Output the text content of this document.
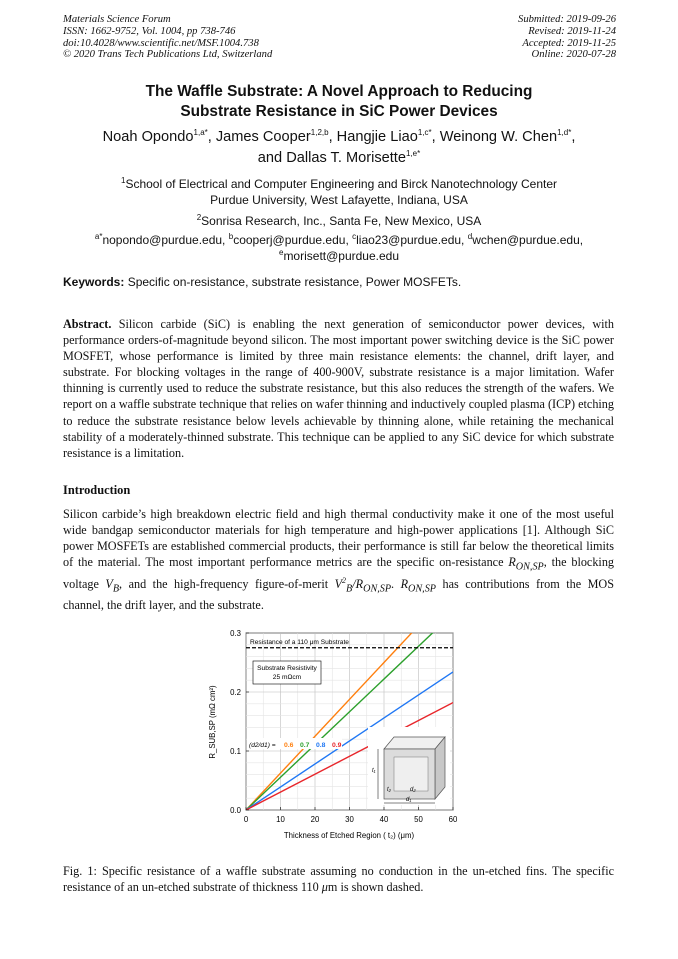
Materials Science Forum
ISSN: 1662-9752, Vol. 1004, pp 738-746
doi:10.4028/www.scientific.net/MSF.1004.738
© 2020 Trans Tech Publications Ltd, Switzerland
Submitted: 2019-09-26
Revised: 2019-11-24
Accepted: 2019-11-25
Online: 2020-07-28
The Waffle Substrate: A Novel Approach to Reducing
Substrate Resistance in SiC Power Devices
Noah Opondo$^{1,a*}$, James Cooper$^{1,2,b}$, Hangjie Liao$^{1,c*}$, Weinong W. Chen$^{1,d*}$,
and Dallas T. Morisette$^{1,e*}$
$^1$School of Electrical and Computer Engineering and Birck Nanotechnology Center
Purdue University, West Lafayette, Indiana, USA
$^2$Sonrisa Research, Inc., Santa Fe, New Mexico, USA
$^{a*}$nopondo@purdue.edu, $^b$cooperj@purdue.edu, $^c$liao23@purdue.edu, $^d$wchen@purdue.edu,
$^e$morisett@purdue.edu
Keywords: Specific on-resistance, substrate resistance, Power MOSFETs.
Abstract. Silicon carbide (SiC) is enabling the next generation of semiconductor power devices, with performance orders-of-magnitude beyond silicon. The most important power switching device is the SiC power MOSFET, whose performance is limited by three main resistance elements: the channel, drift layer, and substrate. For blocking voltages in the range of 400-900V, substrate resistance is a major limitation. Wafer thinning is currently used to reduce the substrate resistance, but this also reduces the strength of the wafers. We report on a waffle substrate technique that relies on wafer thinning and inductively coupled plasma (ICP) etching to reduce the substrate resistance below levels achievable by thinning alone, while retaining the mechanical stability of a moderately-thinned substrate. This technique can be applied to any SiC device for which substrate resistance is a limitation.
Introduction
Silicon carbide’s high breakdown electric field and high thermal conductivity make it one of the most useful wide bandgap semiconductor materials for high temperature and high-power applications [1]. Although SiC power MOSFETs are established commercial products, their performance is still far below the theoretical limits of the material. The most important performance metrics are the specific on-resistance $R_{ON,SP}$, the blocking voltage $V_B$, and the high-frequency figure-of-merit $V^2_B/R_{ON,SP}$. $R_{ON,SP}$ has contributions from the MOS channel, the drift layer, and the substrate.
Resistance of a 110 μm Substrate
Substrate Resistivity
25 mΩcm
(d2/d1) = 0.6 0.7 0.8 0.9
0	10	20	30	40	50	60
0.0
0.1
0.2
0.3
Thickness of Etched Region ( t₂) (μm)
R_SUB,SP (mΩ cm²)
t₁
t₂	d₂
d₁
Fig. 1: Specific resistance of a waffle substrate assuming no conduction in the un-etched fins. The specific resistance of an un-etched substrate of thickness 110 μm is shown dashed.
